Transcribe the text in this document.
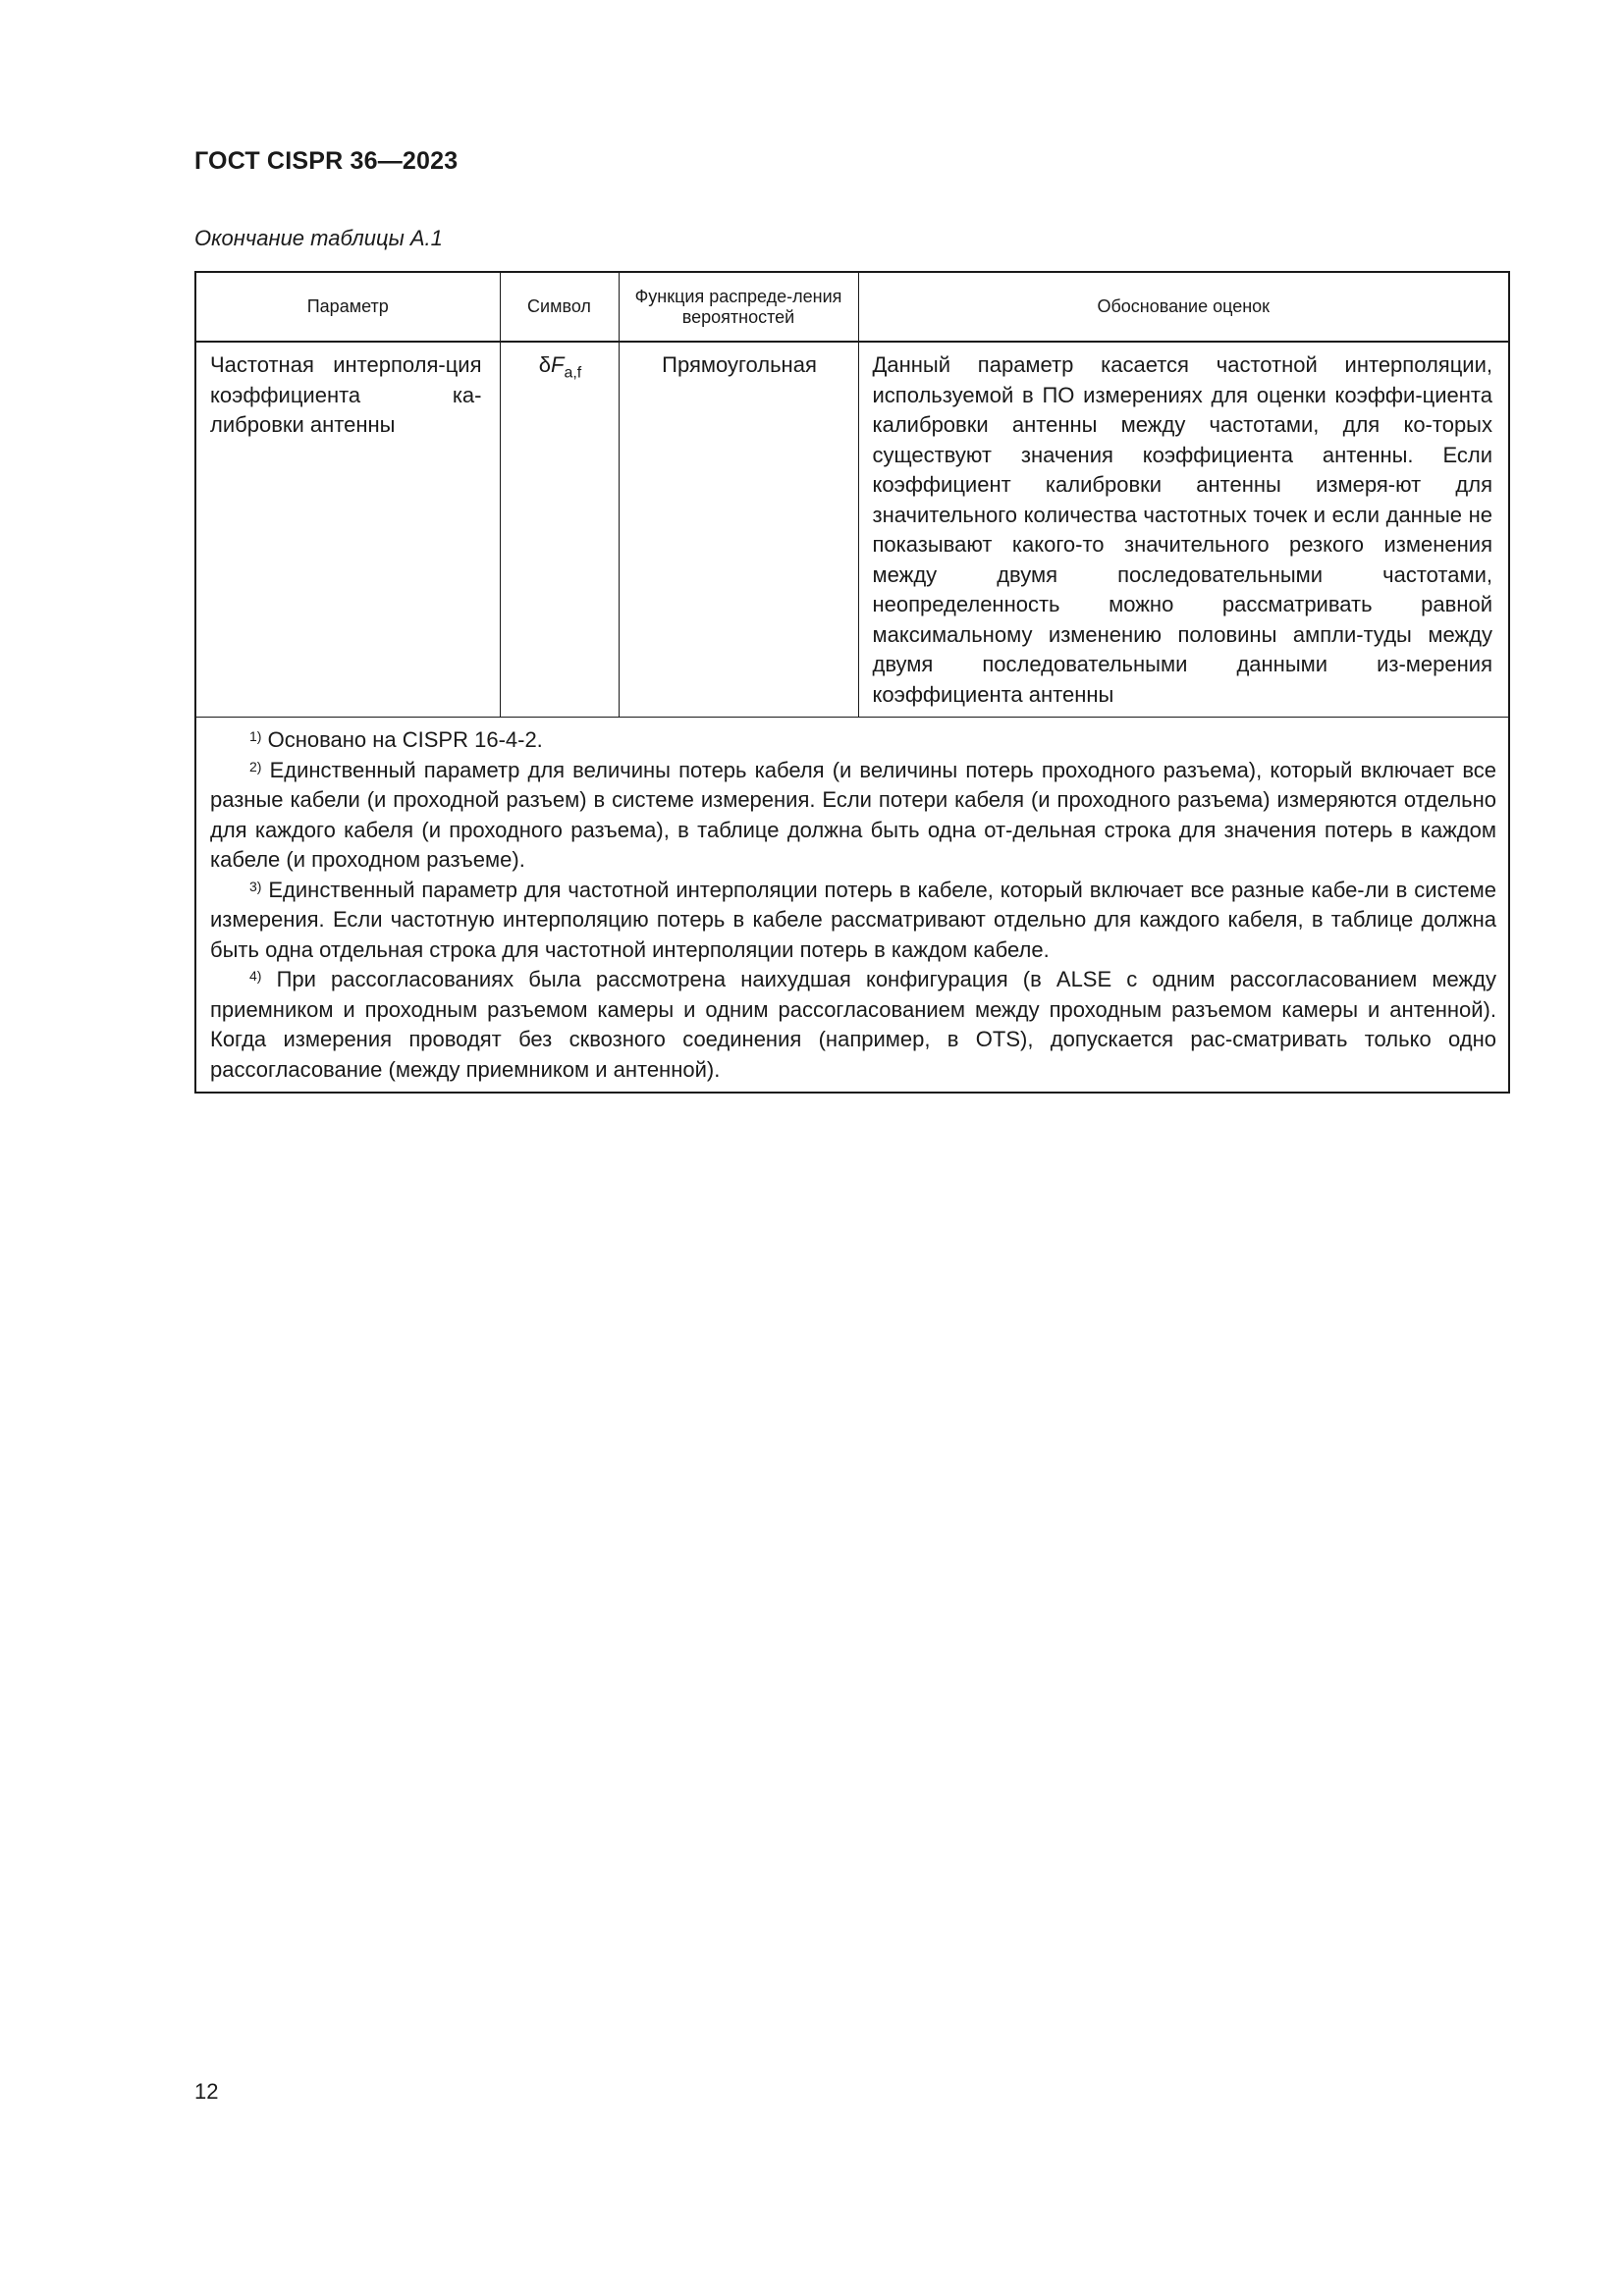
ГОСТ CISPR 36—2023
Окончание таблицы А.1
Параметр	Символ	Функция распреде-ления вероятностей	Обоснование оценок
Частотная интерполя-ция коэффициента ка-либровки антенны	$\delta F_{a,f}$	Прямоугольная	Данный параметр касается частотной интерполяции, используемой в ПО измерениях для оценки коэффи-циента калибровки антенны между частотами, для ко-торых существуют значения коэффициента антенны. Если коэффициент калибровки антенны измеря-ют для значительного количества частотных точек и если данные не показывают какого-то значительного резкого изменения между двумя последовательными частотами, неопределенность можно рассматривать равной максимальному изменению половины ампли-туды между двумя последовательными данными из-мерения коэффициента антенны

$^{1)}$ Основано на CISPR 16-4-2.

$^{2)}$ Единственный параметр для величины потерь кабеля (и величины потерь проходного разъема), который включает все разные кабели (и проходной разъем) в системе измерения. Если потери кабеля (и проходного разъема) измеряются отдельно для каждого кабеля (и проходного разъема), в таблице должна быть одна от-дельная строка для значения потерь в каждом кабеле (и проходном разъеме).

$^{3)}$ Единственный параметр для частотной интерполяции потерь в кабеле, который включает все разные кабе-ли в системе измерения. Если частотную интерполяцию потерь в кабеле рассматривают отдельно для каждого кабеля, в таблице должна быть одна отдельная строка для частотной интерполяции потерь в каждом кабеле.

$^{4)}$ При рассогласованиях была рассмотрена наихудшая конфигурация (в ALSE с одним рассогласованием между приемником и проходным разъемом камеры и одним рассогласованием между проходным разъемом камеры и антенной). Когда измерения проводят без сквозного соединения (например, в OTS), допускается рас-сматривать только одно рассогласование (между приемником и антенной).			

12
